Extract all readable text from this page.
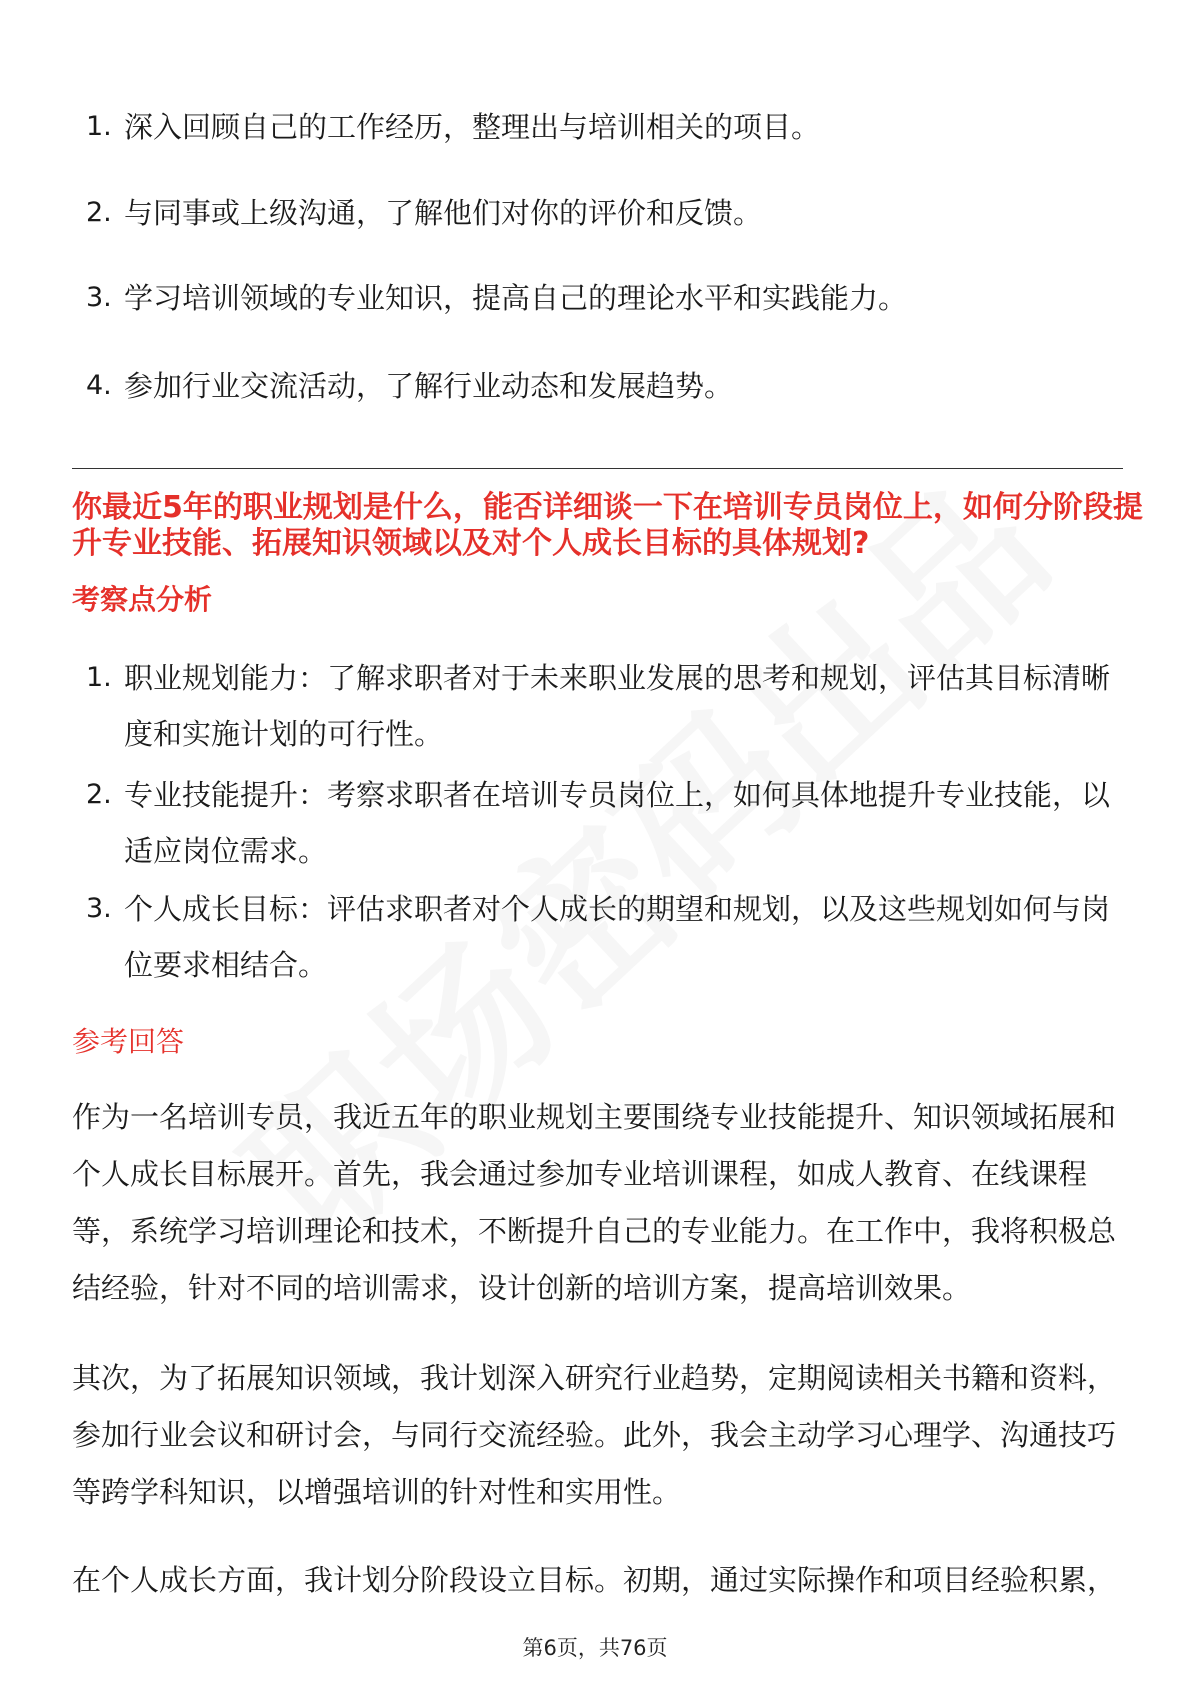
1. 深入回顾自己的工作经历，整理出与培训相关的项目。
2. 与同事或上级沟通，了解他们对你的评价和反馈。
3. 学习培训领域的专业知识，提高自己的理论水平和实践能力。
4. 参加行业交流活动，了解行业动态和发展趋势。
你最近5年的职业规划是什么，能否详细谈一下在培训专员岗位上，如何分阶段提
升专业技能、拓展知识领域以及对个人成长目标的具体规划?
考察点分析
1. 职业规划能力：了解求职者对于未来职业发展的思考和规划，评估其目标清晰
度和实施计划的可行性。
2. 专业技能提升：考察求职者在培训专员岗位上，如何具体地提升专业技能，以
适应岗位需求。
3. 个人成长目标：评估求职者对个人成长的期望和规划，以及这些规划如何与岗
位要求相结合。
参考回答
作为一名培训专员，我近五年的职业规划主要围绕专业技能提升、知识领域拓展和
个人成长目标展开。首先，我会通过参加专业培训课程，如成人教育、在线课程
等，系统学习培训理论和技术，不断提升自己的专业能力。在工作中，我将积极总
结经验，针对不同的培训需求，设计创新的培训方案，提高培训效果。
其次，为了拓展知识领域，我计划深入研究行业趋势，定期阅读相关书籍和资料，
参加行业会议和研讨会，与同行交流经验。此外，我会主动学习心理学、沟通技巧
等跨学科知识，以增强培训的针对性和实用性。
在个人成长方面，我计划分阶段设立目标。初期，通过实际操作和项目经验积累，
第6页，共76页
